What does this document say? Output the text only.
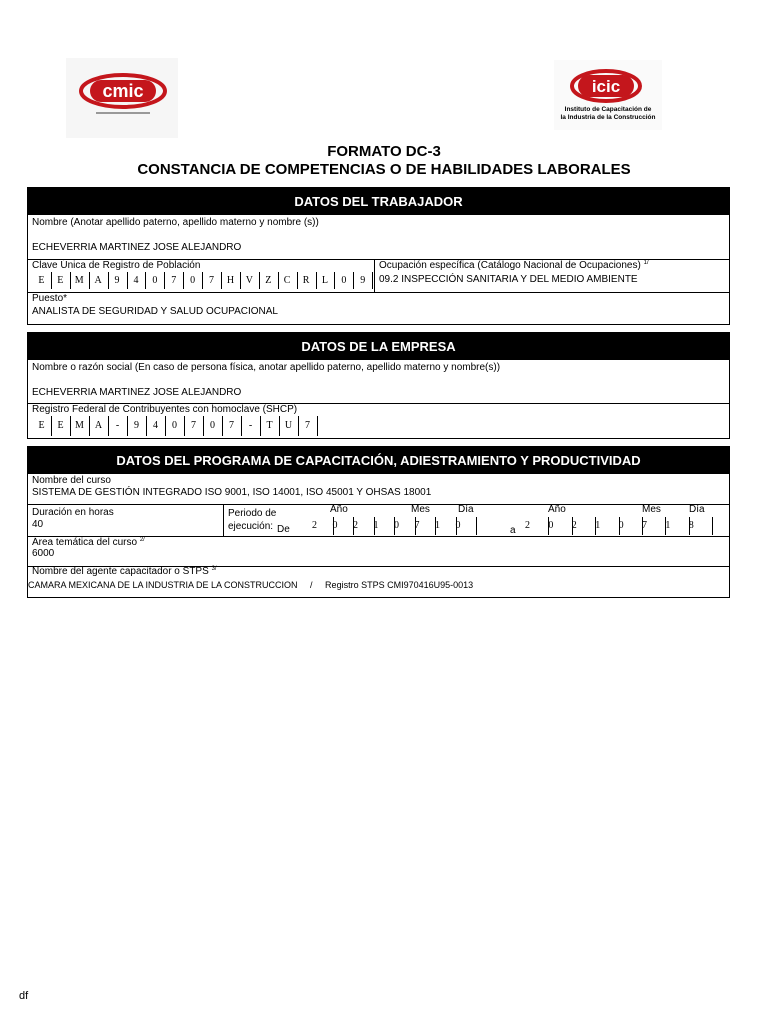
cmic	icic
Instituto de Capacitación de
la Industria de la Construcción
FORMATO DC-3
CONSTANCIA DE COMPETENCIAS O DE HABILIDADES LABORALES
DATOS DEL TRABAJADOR
Nombre (Anotar apellido paterno, apellido materno y nombre (s))
ECHEVERRIA MARTINEZ JOSE ALEJANDRO
Clave Única de Registro de Población
E	E	M	A	9	4	0	7	0	7	H	V	Z	C	R	L	0	9
Ocupación específica (Catálogo Nacional de Ocupaciones) $^{1/}$
09.2 INSPECCIÓN SANITARIA Y DEL MEDIO AMBIENTE
Puesto*
ANALISTA DE SEGURIDAD Y SALUD OCUPACIONAL
DATOS DE LA EMPRESA
Nombre o razón social (En caso de persona física, anotar apellido paterno, apellido materno y nombre(s))
ECHEVERRIA MARTINEZ JOSE ALEJANDRO
Registro Federal de Contribuyentes con homoclave (SHCP)
E	E	M	A	-	9	4	0	7	0	7	-	T	U	7
DATOS DEL PROGRAMA DE CAPACITACIÓN, ADIESTRAMIENTO Y PRODUCTIVIDAD
Nombre del curso
SISTEMA DE GESTIÓN INTEGRADO ISO 9001, ISO 14001, ISO 45001 Y OHSAS 18001
Duración en horas
40
Periodo de
ejecución: De
Año	Mes	Día
2	0	2	1	0	7	1	0	a
Año	Mes	Día
2	0	2	1	0	7	1	8
Área temática del curso $^{2/}$
6000
Nombre del agente capacitador o STPS $^{3/}$
CAMARA MEXICANA DE LA INDUSTRIA DE LA CONSTRUCCION     /     Registro STPS CMI970416U95-0013
df
